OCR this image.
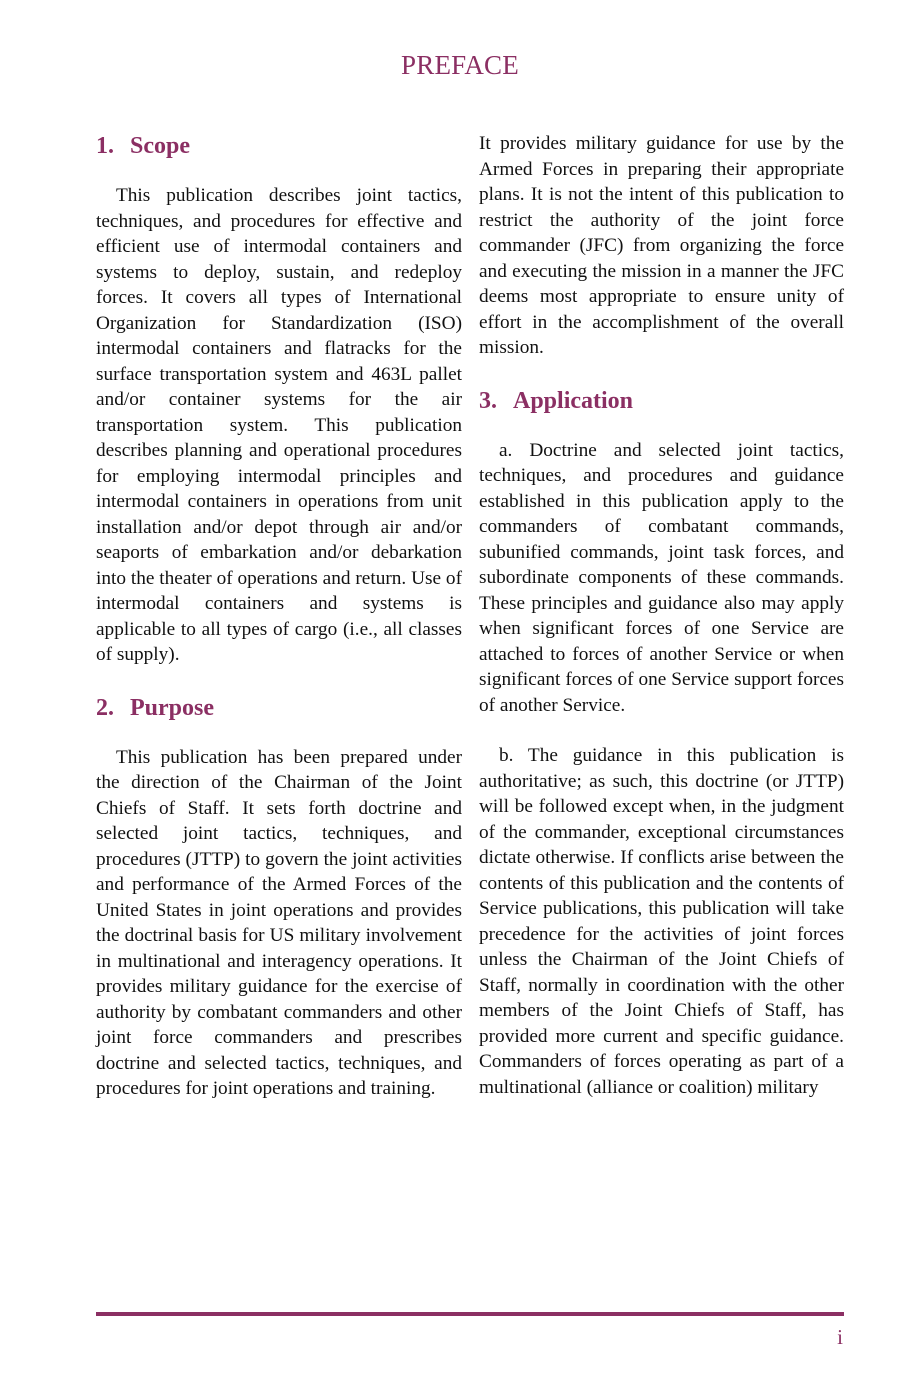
PREFACE
1. Scope

This publication describes joint tactics, techniques, and procedures for effective and efficient use of intermodal containers and systems to deploy, sustain, and redeploy forces. It covers all types of International Organization for Standardization (ISO) intermodal containers and flatracks for the surface transportation system and 463L pallet and/or container systems for the air transportation system. This publication describes planning and operational procedures for employing intermodal principles and intermodal containers in operations from unit installation and/or depot through air and/or seaports of embarkation and/or debarkation into the theater of operations and return. Use of intermodal containers and systems is applicable to all types of cargo (i.e., all classes of supply).

2. Purpose

This publication has been prepared under the direction of the Chairman of the Joint Chiefs of Staff. It sets forth doctrine and selected joint tactics, techniques, and procedures (JTTP) to govern the joint activities and performance of the Armed Forces of the United States in joint operations and provides the doctrinal basis for US military involvement in multinational and interagency operations. It provides military guidance for the exercise of authority by combatant commanders and other joint force commanders and prescribes doctrine and selected tactics, techniques, and procedures for joint operations and training.

It provides military guidance for use by the Armed Forces in preparing their appropriate plans. It is not the intent of this publication to restrict the authority of the joint force commander (JFC) from organizing the force and executing the mission in a manner the JFC deems most appropriate to ensure unity of effort in the accomplishment of the overall mission.

3. Application

a. Doctrine and selected joint tactics, techniques, and procedures and guidance established in this publication apply to the commanders of combatant commands, subunified commands, joint task forces, and subordinate components of these commands. These principles and guidance also may apply when significant forces of one Service are attached to forces of another Service or when significant forces of one Service support forces of another Service.

b. The guidance in this publication is authoritative; as such, this doctrine (or JTTP) will be followed except when, in the judgment of the commander, exceptional circumstances dictate otherwise. If conflicts arise between the contents of this publication and the contents of Service publications, this publication will take precedence for the activities of joint forces unless the Chairman of the Joint Chiefs of Staff, normally in coordination with the other members of the Joint Chiefs of Staff, has provided more current and specific guidance. Commanders of forces operating as part of a multinational (alliance or coalition) military

i
